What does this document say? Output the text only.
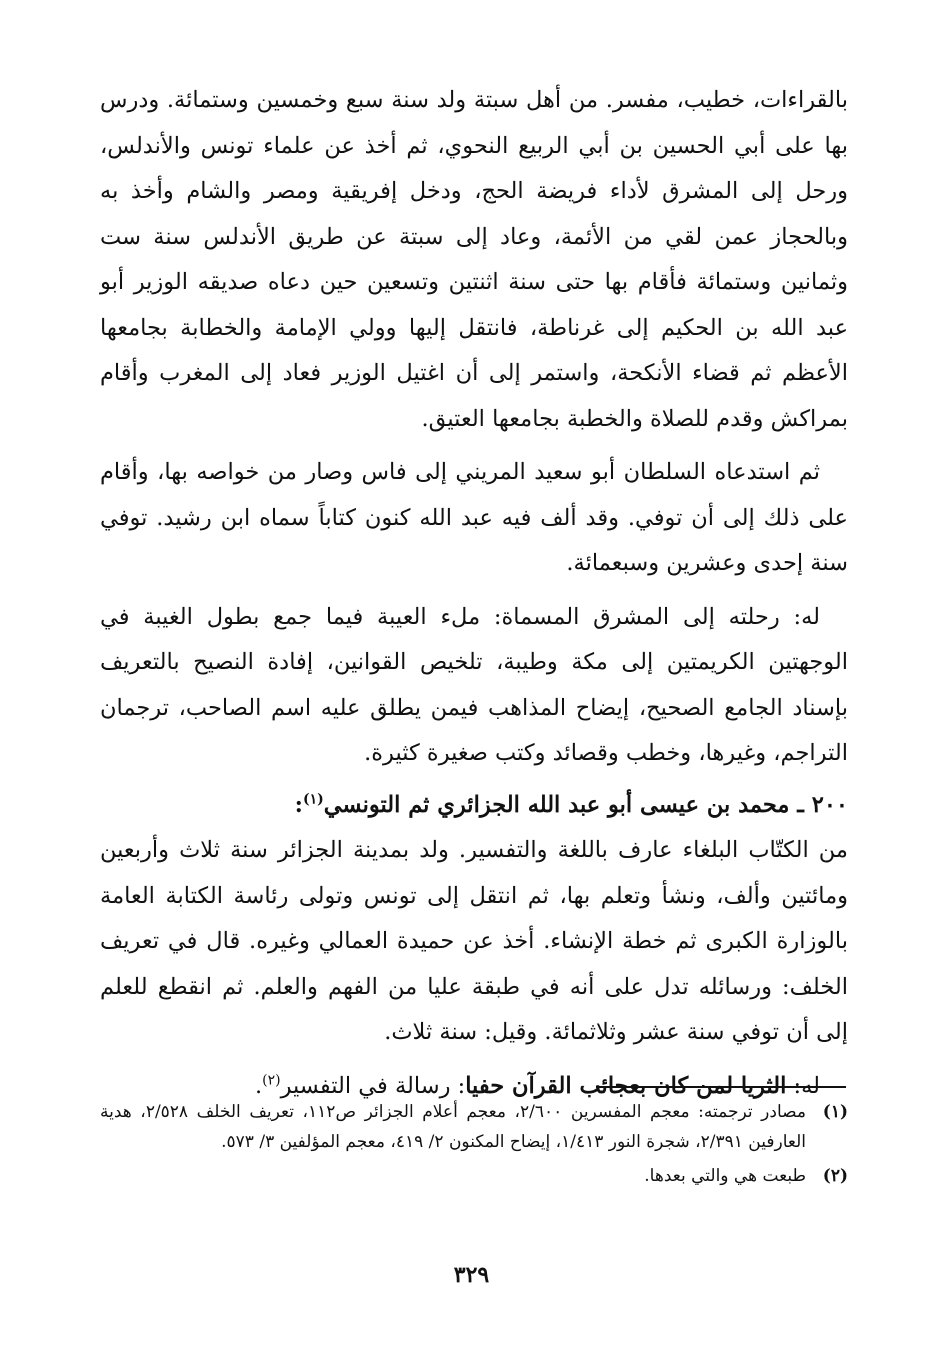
بالقراءات، خطيب، مفسر. من أهل سبتة ولد سنة سبع وخمسين وستمائة. ودرس بها على أبي الحسين بن أبي الربيع النحوي، ثم أخذ عن علماء تونس والأندلس، ورحل إلى المشرق لأداء فريضة الحج، ودخل إفريقية ومصر والشام وأخذ به وبالحجاز عمن لقي من الأئمة، وعاد إلى سبتة عن طريق الأندلس سنة ست وثمانين وستمائة فأقام بها حتى سنة اثنتين وتسعين حين دعاه صديقه الوزير أبو عبد الله بن الحكيم إلى غرناطة، فانتقل إليها وولي الإمامة والخطابة بجامعها الأعظم ثم قضاء الأنكحة، واستمر إلى أن اغتيل الوزير فعاد إلى المغرب وأقام بمراكش وقدم للصلاة والخطبة بجامعها العتيق.

ثم استدعاه السلطان أبو سعيد المريني إلى فاس وصار من خواصه بها، وأقام على ذلك إلى أن توفي. وقد ألف فيه عبد الله كنون كتاباً سماه ابن رشيد. توفي سنة إحدى وعشرين وسبعمائة.

له: رحلته إلى المشرق المسماة: ملء العيبة فيما جمع بطول الغيبة في الوجهتين الكريمتين إلى مكة وطيبة، تلخيص القوانين، إفادة النصيح بالتعريف بإسناد الجامع الصحيح، إيضاح المذاهب فيمن يطلق عليه اسم الصاحب، ترجمان التراجم، وغيرها، وخطب وقصائد وكتب صغيرة كثيرة.

٢٠٠ ـ محمد بن عيسى أبو عبد الله الجزائري ثم التونسي$^{(١)}$:

من الكتّاب البلغاء عارف باللغة والتفسير. ولد بمدينة الجزائر سنة ثلاث وأربعين ومائتين وألف، ونشأ وتعلم بها، ثم انتقل إلى تونس وتولى رئاسة الكتابة العامة بالوزارة الكبرى ثم خطة الإنشاء. أخذ عن حميدة العمالي وغيره. قال في تعريف الخلف: ورسائله تدل على أنه في طبقة عليا من الفهم والعلم. ثم انقطع للعلم إلى أن توفي سنة عشر وثلاثمائة. وقيل: سنة ثلاث.

له: الثريا لمن كان بعجائب القرآن حفيا: رسالة في التفسير$^{(٢)}$.

(١)
مصادر ترجمته: معجم المفسرين ٢/٦٠٠، معجم أعلام الجزائر ص١١٢، تعريف الخلف ٢/٥٢٨، هدية العارفين ٢/٣٩١، شجرة النور ١/٤١٣، إيضاح المكنون ٢/ ٤١٩، معجم المؤلفين ٣/ ٥٧٣.
(٢)
طبعت هي والتي بعدها.
٣٢٩
